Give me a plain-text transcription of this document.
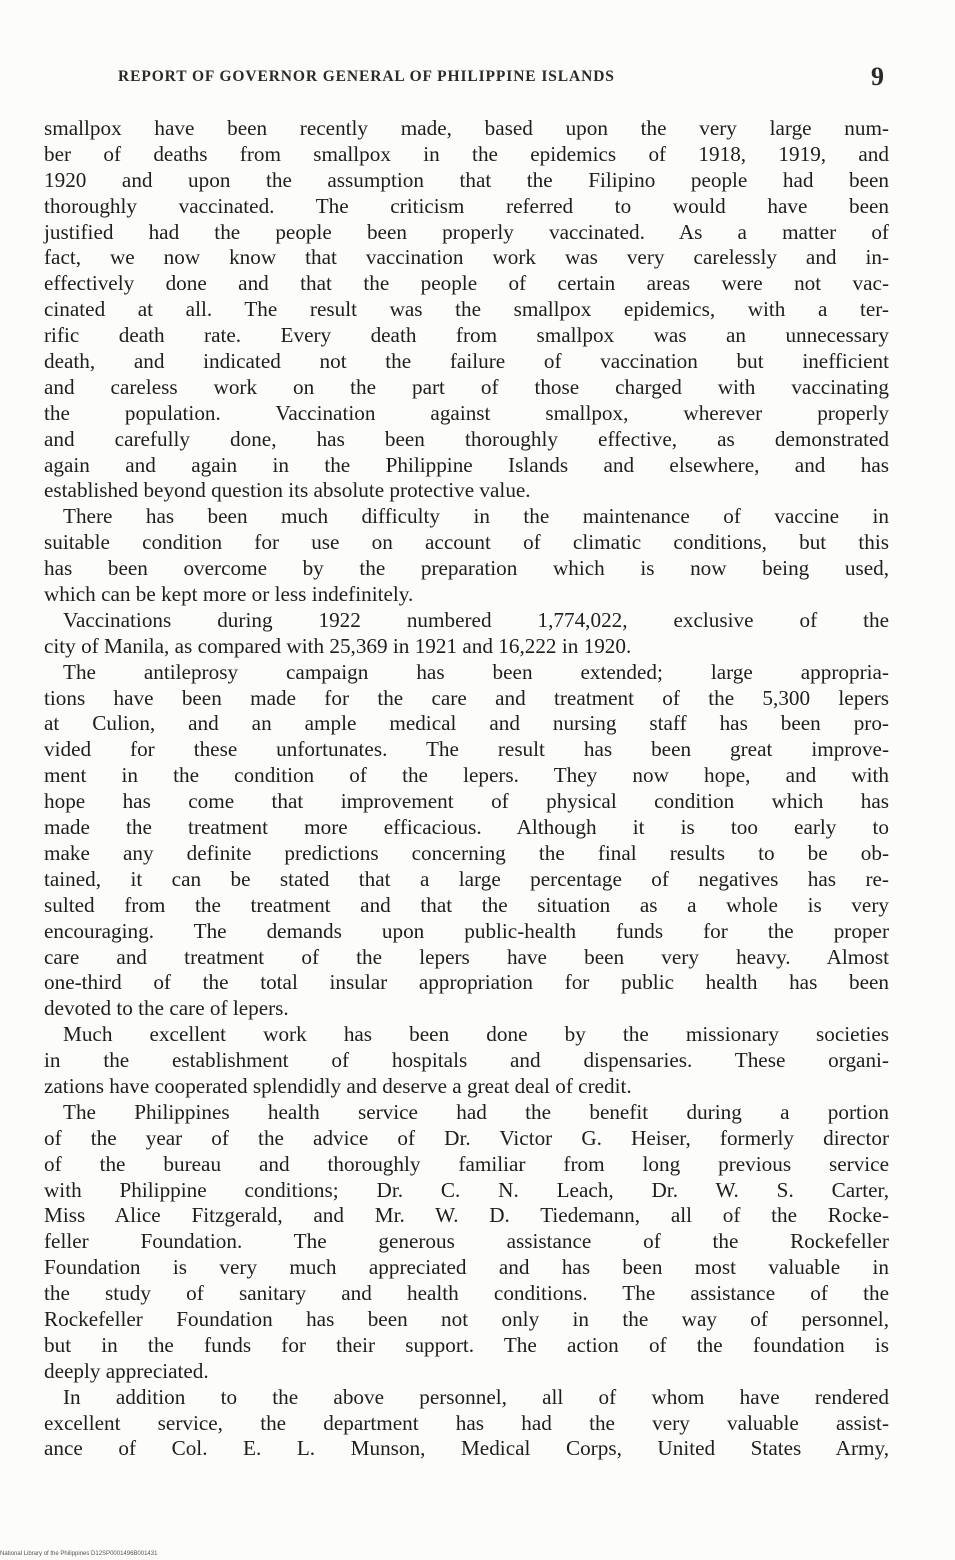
REPORT OF GOVERNOR GENERAL OF PHILIPPINE ISLANDS	9
smallpox have been recently made, based upon the very large num-
ber of deaths from smallpox in the epidemics of 1918, 1919, and
1920 and upon the assumption that the Filipino people had been
thoroughly vaccinated. The criticism referred to would have been
justified had the people been properly vaccinated. As a matter of
fact, we now know that vaccination work was very carelessly and in-
effectively done and that the people of certain areas were not vac-
cinated at all. The result was the smallpox epidemics, with a ter-
rific death rate. Every death from smallpox was an unnecessary
death, and indicated not the failure of vaccination but inefficient
and careless work on the part of those charged with vaccinating
the population. Vaccination against smallpox, wherever properly
and carefully done, has been thoroughly effective, as demonstrated
again and again in the Philippine Islands and elsewhere, and has
established beyond question its absolute protective value.
There has been much difficulty in the maintenance of vaccine in
suitable condition for use on account of climatic conditions, but this
has been overcome by the preparation which is now being used,
which can be kept more or less indefinitely.
Vaccinations during 1922 numbered 1,774,022, exclusive of the
city of Manila, as compared with 25,369 in 1921 and 16,222 in 1920.
The antileprosy campaign has been extended; large appropria-
tions have been made for the care and treatment of the 5,300 lepers
at Culion, and an ample medical and nursing staff has been pro-
vided for these unfortunates. The result has been great improve-
ment in the condition of the lepers. They now hope, and with
hope has come that improvement of physical condition which has
made the treatment more efficacious. Although it is too early to
make any definite predictions concerning the final results to be ob-
tained, it can be stated that a large percentage of negatives has re-
sulted from the treatment and that the situation as a whole is very
encouraging. The demands upon public-health funds for the proper
care and treatment of the lepers have been very heavy. Almost
one-third of the total insular appropriation for public health has been
devoted to the care of lepers.
Much excellent work has been done by the missionary societies
in the establishment of hospitals and dispensaries. These organi-
zations have cooperated splendidly and deserve a great deal of credit.
The Philippines health service had the benefit during a portion
of the year of the advice of Dr. Victor G. Heiser, formerly director
of the bureau and thoroughly familiar from long previous service
with Philippine conditions; Dr. C. N. Leach, Dr. W. S. Carter,
Miss Alice Fitzgerald, and Mr. W. D. Tiedemann, all of the Rocke-
feller Foundation. The generous assistance of the Rockefeller
Foundation is very much appreciated and has been most valuable in
the study of sanitary and health conditions. The assistance of the
Rockefeller Foundation has been not only in the way of personnel,
but in the funds for their support. The action of the foundation is
deeply appreciated.
In addition to the above personnel, all of whom have rendered
excellent service, the department has had the very valuable assist-
ance of Col. E. L. Munson, Medical Corps, United States Army,
National Library of the Philippines D12SP0001496B001431
